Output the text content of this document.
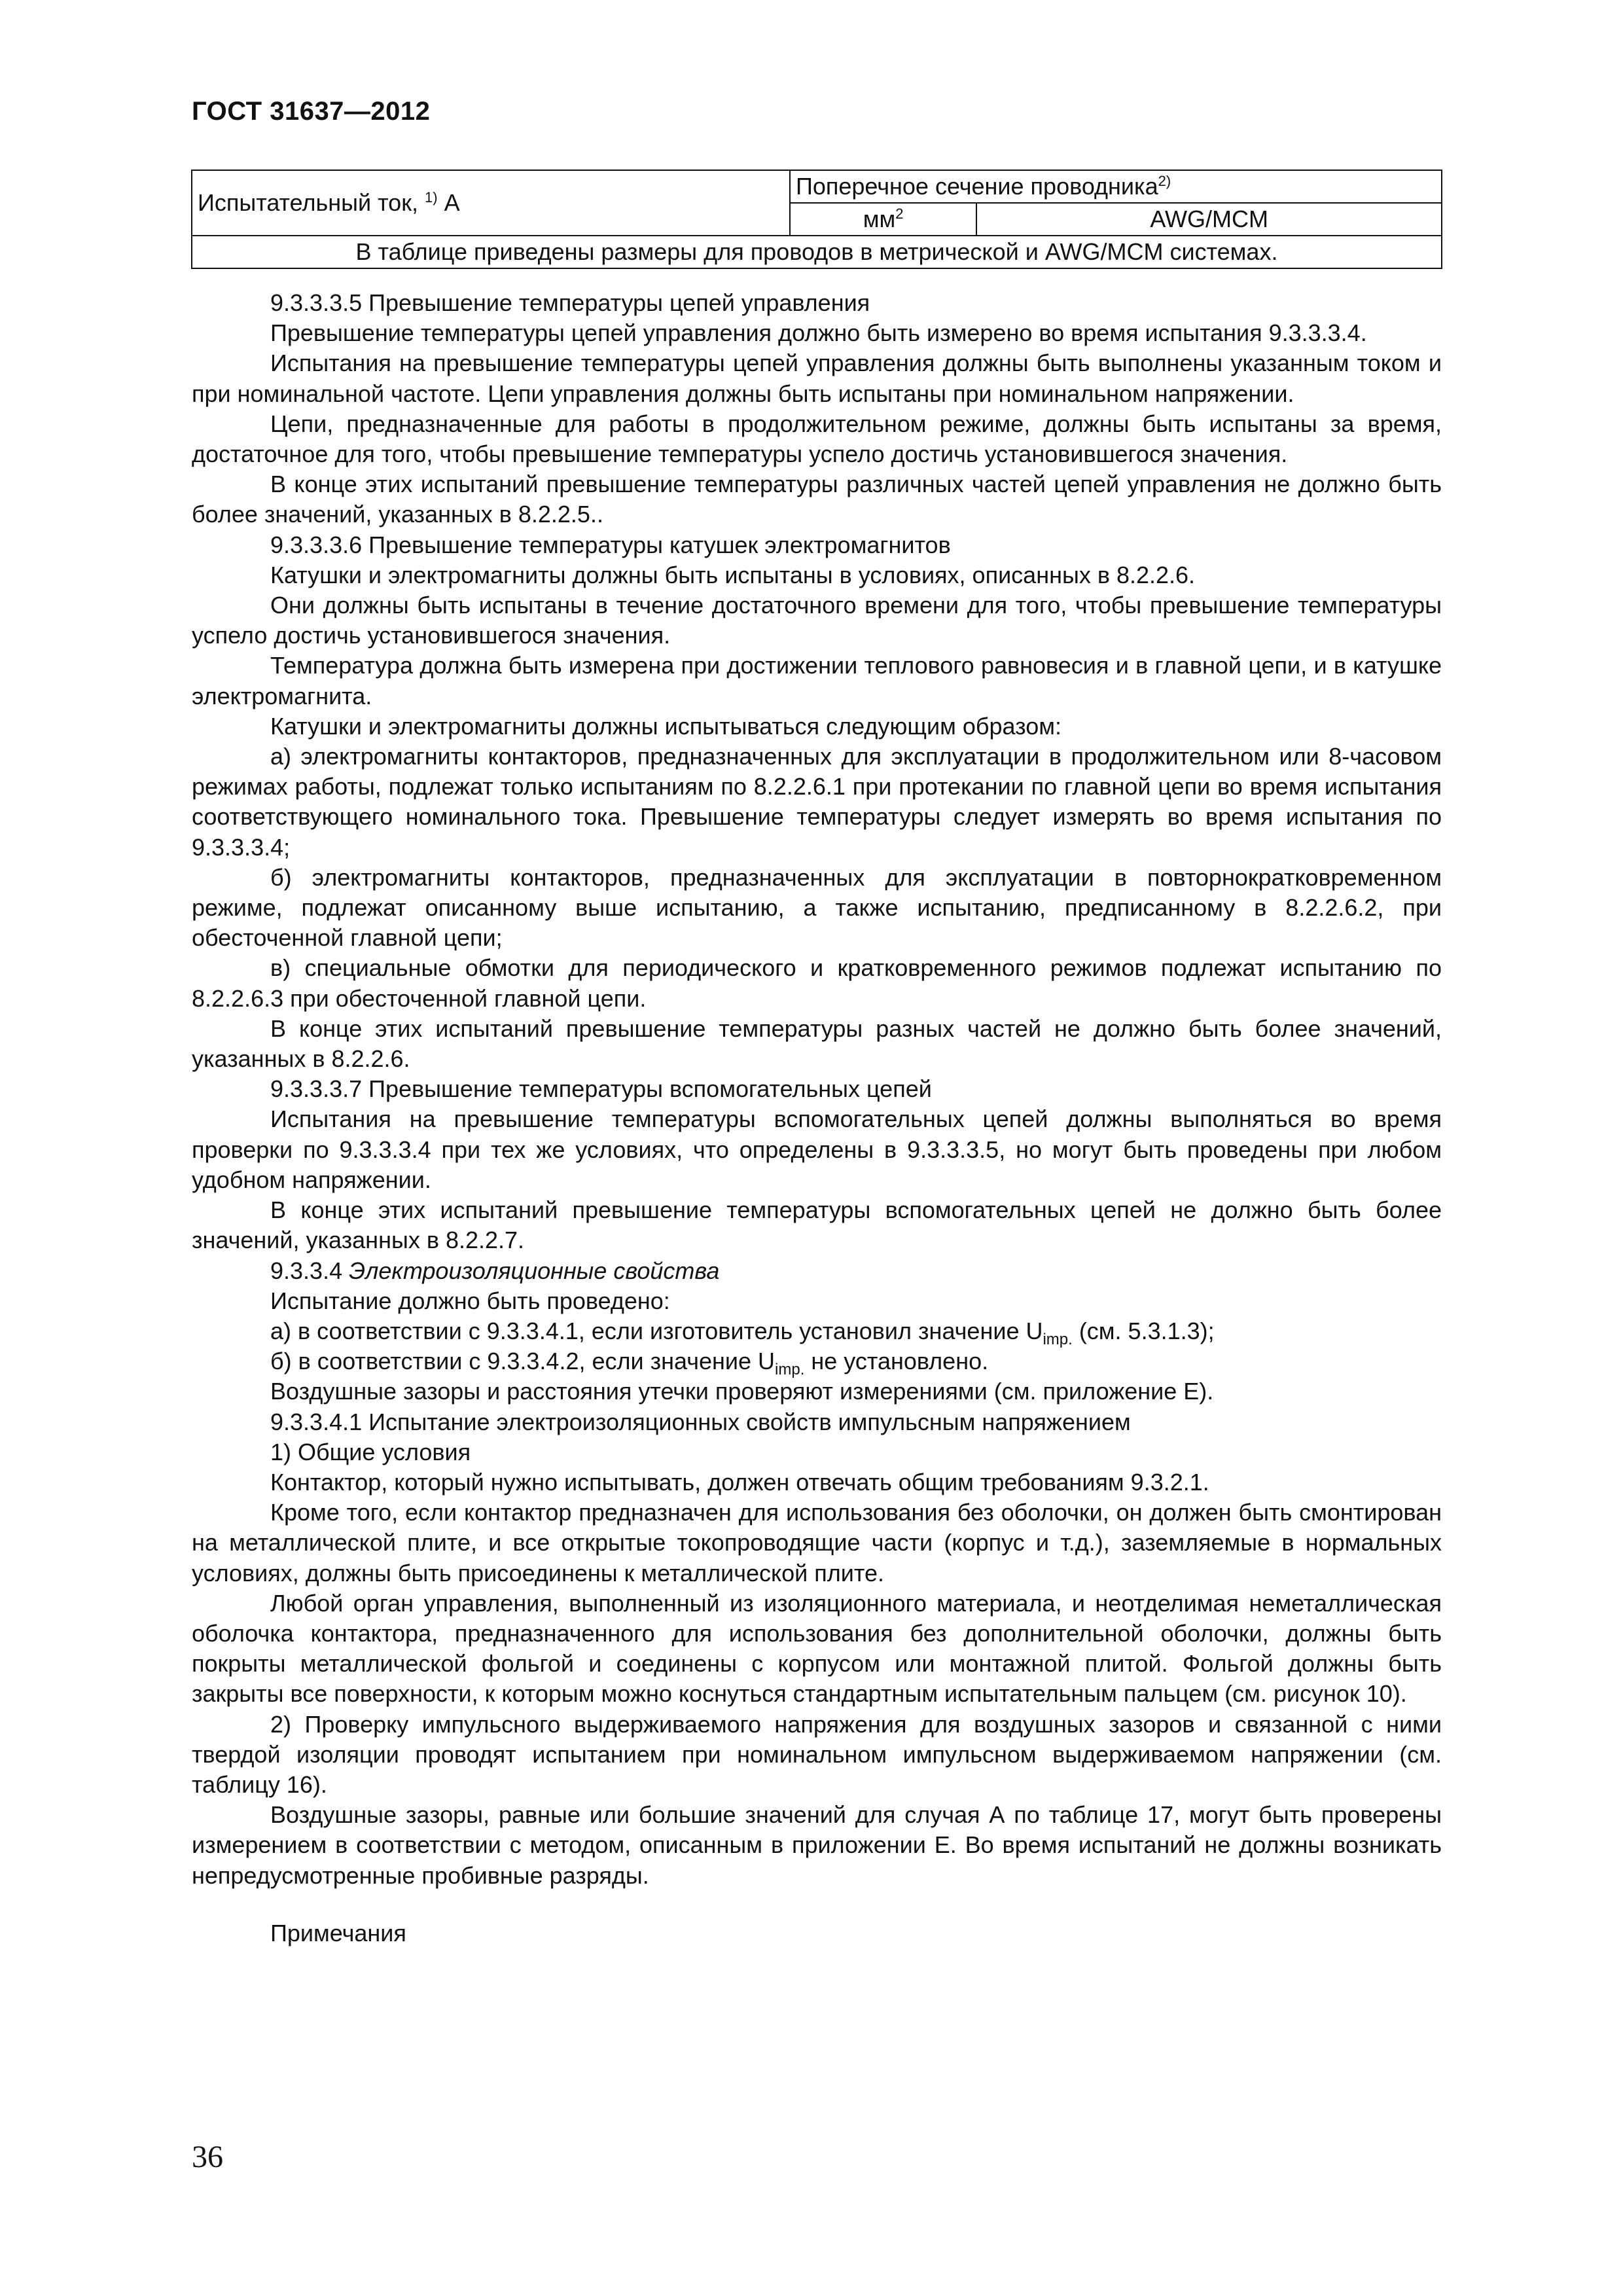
ГОСТ 31637—2012
Испытательный ток, $^{1)}$ А	Поперечное сечение проводника$^{2)}$
	$мм^2$	AWG/MCM
В таблице приведены размеры для проводов в метрической и AWG/MCM системах.		

9.3.3.3.5 Превышение температуры цепей управления

Превышение температуры цепей управления должно быть измерено во время испытания 9.3.3.3.4.

Испытания на превышение температуры цепей управления должны быть выполнены указанным током и при номинальной частоте. Цепи управления должны быть испытаны при номинальном напряжении.

Цепи, предназначенные для работы в продолжительном режиме, должны быть испытаны за время, достаточное для того, чтобы превышение температуры успело достичь установившегося значения.

В конце этих испытаний превышение температуры различных частей цепей управления не должно быть более значений, указанных в 8.2.2.5..

9.3.3.3.6 Превышение температуры катушек электромагнитов

Катушки и электромагниты должны быть испытаны в условиях, описанных в 8.2.2.6.

Они должны быть испытаны в течение достаточного времени для того, чтобы превышение температуры успело достичь установившегося значения.

Температура должна быть измерена при достижении теплового равновесия и в главной цепи, и в катушке электромагнита.

Катушки и электромагниты должны испытываться следующим образом:

а) электромагниты контакторов, предназначенных для эксплуатации в продолжительном или 8-часовом режимах работы, подлежат только испытаниям по 8.2.2.6.1 при протекании по главной цепи во время испытания соответствующего номинального тока. Превышение температуры следует измерять во время испытания по 9.3.3.3.4;

б) электромагниты контакторов, предназначенных для эксплуатации в повторнократковременном режиме, подлежат описанному выше испытанию, а также испытанию, предписанному в 8.2.2.6.2, при обесточенной главной цепи;

в) специальные обмотки для периодического и кратковременного режимов подлежат испытанию по 8.2.2.6.3 при обесточенной главной цепи.

В конце этих испытаний превышение температуры разных частей не должно быть более значений, указанных в 8.2.2.6.

9.3.3.3.7 Превышение температуры вспомогательных цепей

Испытания на превышение температуры вспомогательных цепей должны выполняться во время проверки по 9.3.3.3.4 при тех же условиях, что определены в 9.3.3.3.5, но могут быть проведены при любом удобном напряжении.

В конце этих испытаний превышение температуры вспомогательных цепей не должно быть более значений, указанных в 8.2.2.7.

9.3.3.4 Электроизоляционные свойства

Испытание должно быть проведено:

а) в соответствии с 9.3.3.4.1, если изготовитель установил значение $U_{imp.}$ (см. 5.3.1.3);

б) в соответствии с 9.3.3.4.2, если значение $U_{imp.}$ не установлено.

Воздушные зазоры и расстояния утечки проверяют измерениями (см. приложение Е).

9.3.3.4.1 Испытание электроизоляционных свойств импульсным напряжением

1) Общие условия

Контактор, который нужно испытывать, должен отвечать общим требованиям 9.3.2.1.

Кроме того, если контактор предназначен для использования без оболочки, он должен быть смонтирован на металлической плите, и все открытые токопроводящие части (корпус и т.д.), заземляемые в нормальных условиях, должны быть присоединены к металлической плите.

Любой орган управления, выполненный из изоляционного материала, и неотделимая неметаллическая оболочка контактора, предназначенного для использования без дополнительной оболочки, должны быть покрыты металлической фольгой и соединены с корпусом или монтажной плитой. Фольгой должны быть закрыты все поверхности, к которым можно коснуться стандартным испытательным пальцем (см. рисунок 10).

2) Проверку импульсного выдерживаемого напряжения для воздушных зазоров и связанной с ними твердой изоляции проводят испытанием при номинальном импульсном выдерживаемом напряжении (см. таблицу 16).

Воздушные зазоры, равные или большие значений для случая А по таблице 17, могут быть проверены измерением в соответствии с методом, описанным в приложении Е. Во время испытаний не должны возникать непредусмотренные пробивные разряды.

Примечания

36
